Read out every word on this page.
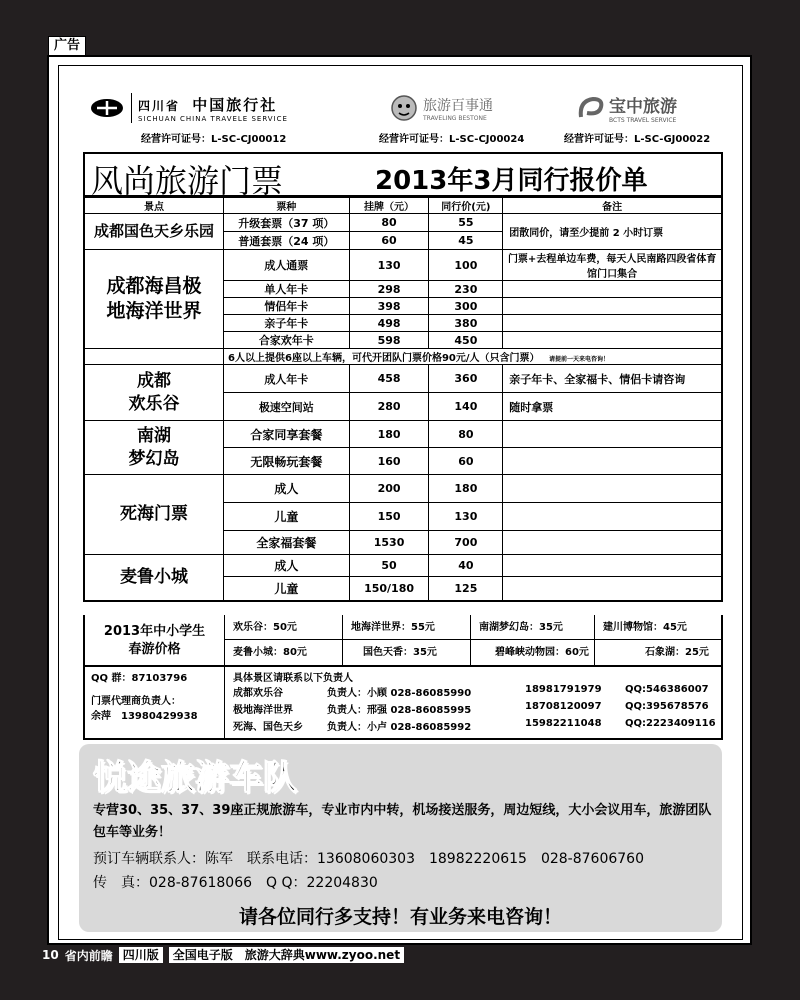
广告
四川省 中国旅行社
SICHUAN CHINA TRAVELE SERVICE
旅游百事通
TRAVELING BESTONE
宝中旅游
BCTS TRAVEL SERVICE
经营许可证号：L-SC-CJ00012	经营许可证号：L-SC-CJ00024	经营许可证号：L-SC-GJ00022
风尚旅游门票	2013年3月同行报价单
景点	票种	挂牌（元）	同行价(元)	备注
成都国色天乡乐园	升级套票（37 项）	80	55	团散同价，请至少提前 2 小时订票
	普通套票（24 项）	60	45	

成都海昌极
地海洋世界	成人通票	130	100	门票+去程单边车费，每天人民南路四段省体育馆门口集合
	单人年卡	298	230	
	情侣年卡	398	300	
	亲子年卡	498	380	
	合家欢年卡	598	450	
	6人以上提供6座以上车辆，可代开团队门票价格90元/人（只含门票） 请提前一天来电咨询！			

成都
欢乐谷	成人年卡	458	360	亲子年卡、全家福卡、情侣卡请咨询
	极速空间站	280	140	随时拿票

南湖
梦幻岛	合家同享套餐	180	80	
	无限畅玩套餐	160	60	
死海门票	成人	200	180	
	儿童	150	130	
	全家福套餐	1530	700	
麦鲁小城	成人	50	40	
	儿童	150/180	125	
2013年中小学生
春游价格
欢乐谷：50元	地海洋世界：55元	南湖梦幻岛：35元	建川博物馆：45元
麦鲁小城：80元	国色天香：35元	碧峰峡动物园：60元	石象湖：25元
QQ 群：87103796
门票代理商负责人：
余萍　13980429938
具体景区请联系以下负责人
成都欢乐谷	负责人：小顾 028-86085990	18981791979 QQ:546386007
极地海洋世界	负责人：邢强 028-86085995	18708120097 QQ:395678576
死海、国色天乡 负责人：小卢 028-86085992	15982211048 QQ:2223409116
悦途旅游车队
专营30、35、37、39座正规旅游车，专业市内中转，机场接送服务，周边短线，大小会议用车，旅游团队包车等业务！
预订车辆联系人：陈军　联系电话：13608060303　18982220615　028-87606760
传　真：028-87618066　Q Q：22204830
请各位同行多支持！有业务来电咨询！
10 省内前瞻 四川版	全国电子版　旅游大辞典www.zyoo.net
